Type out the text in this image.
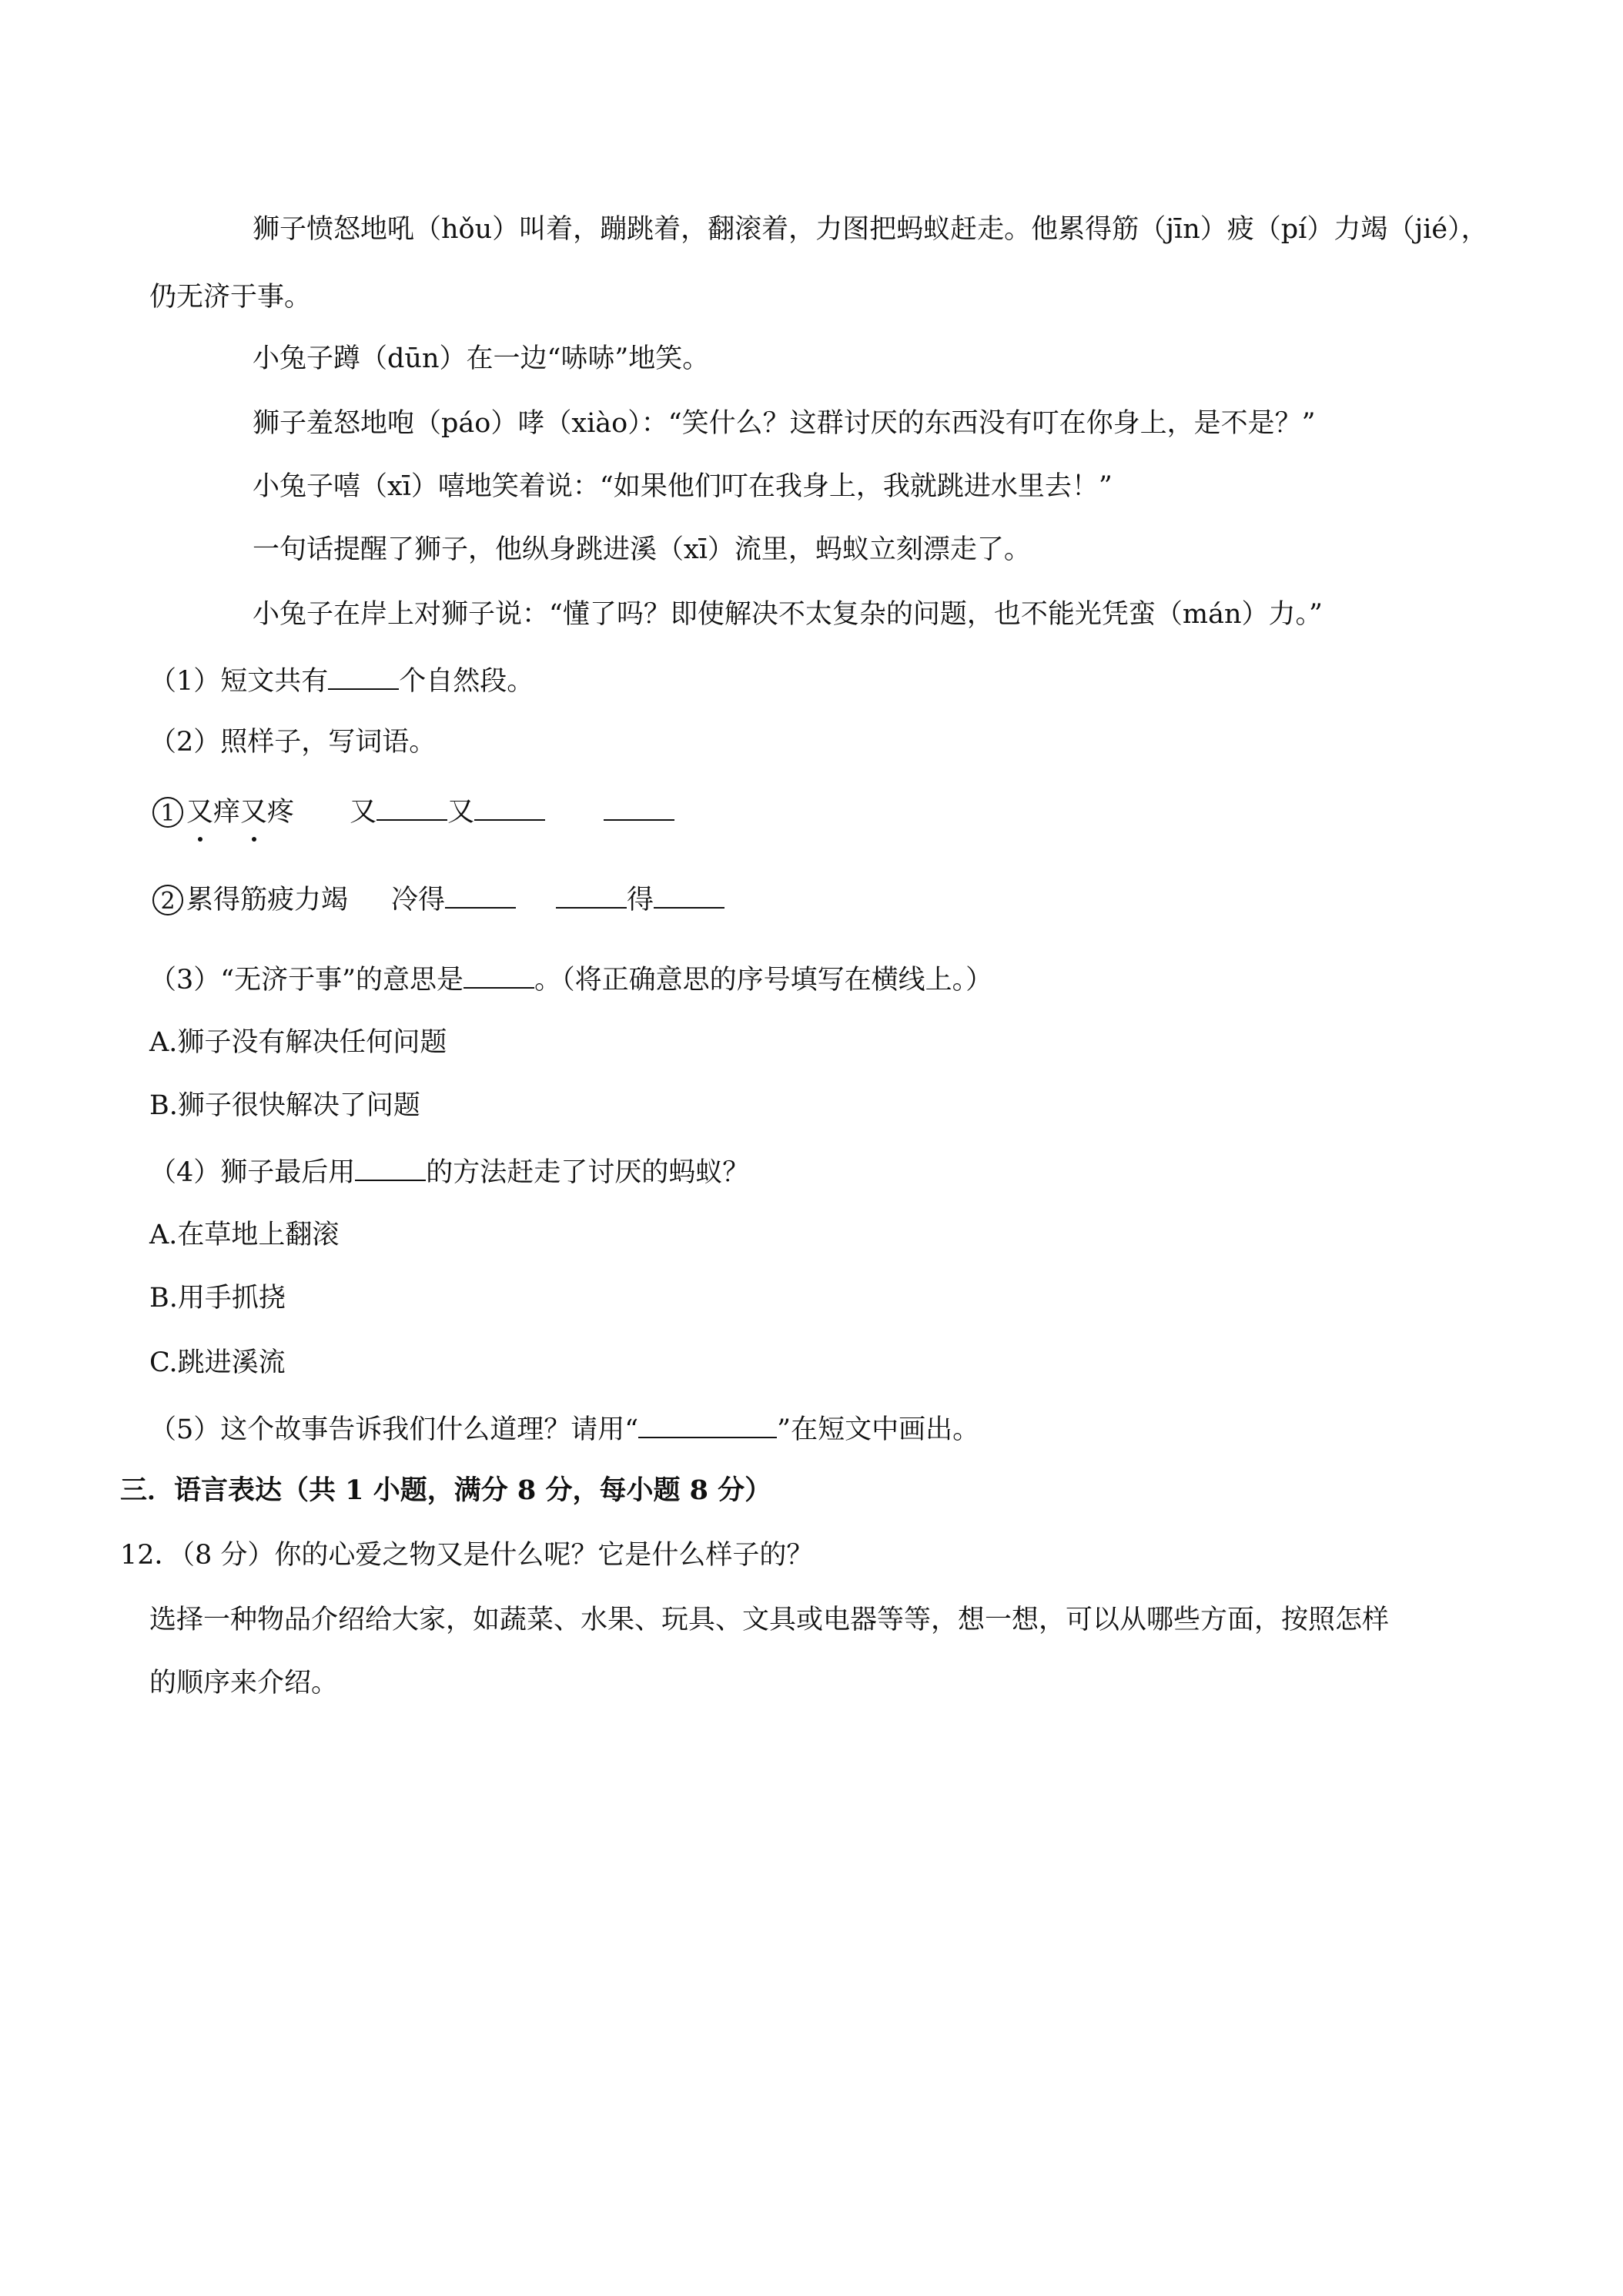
狮子愤怒地吼（hǒu）叫着，蹦跳着，翻滚着，力图把蚂蚁赶走。他累得筋（jīn）疲（pí）力竭（jié），
仍无济于事。
小兔子蹲（dūn）在一边“哧哧”地笑。
狮子羞怒地咆（páo）哮（xiào）：“笑什么？这群讨厌的东西没有叮在你身上，是不是？”
小兔子嘻（xī）嘻地笑着说：“如果他们叮在我身上，我就跳进水里去！”
一句话提醒了狮子，他纵身跳进溪（xī）流里，蚂蚁立刻漂走了。
小兔子在岸上对狮子说：“懂了吗？即使解决不太复杂的问题，也不能光凭蛮（mán）力。”
（1）短文共有	个自然段。
（2）照样子，写词语。
1 又痒又疼 又	又
2 累得筋疲力竭 冷得	得
（3）“无济于事”的意思是	。（将正确意思的序号填写在横线上。）
A.狮子没有解决任何问题
B.狮子很快解决了问题
（4）狮子最后用	的方法赶走了讨厌的蚂蚁？
A.在草地上翻滚
B.用手抓挠
C.跳进溪流
（5）这个故事告诉我们什么道理？请用“	”在短文中画出。
三．语言表达（共 1 小题，满分 8 分，每小题 8 分）
12．（8 分）你的心爱之物又是什么呢？它是什么样子的？
选择一种物品介绍给大家，如蔬菜、水果、玩具、文具或电器等等，想一想，可以从哪些方面，按照怎样
的顺序来介绍。
